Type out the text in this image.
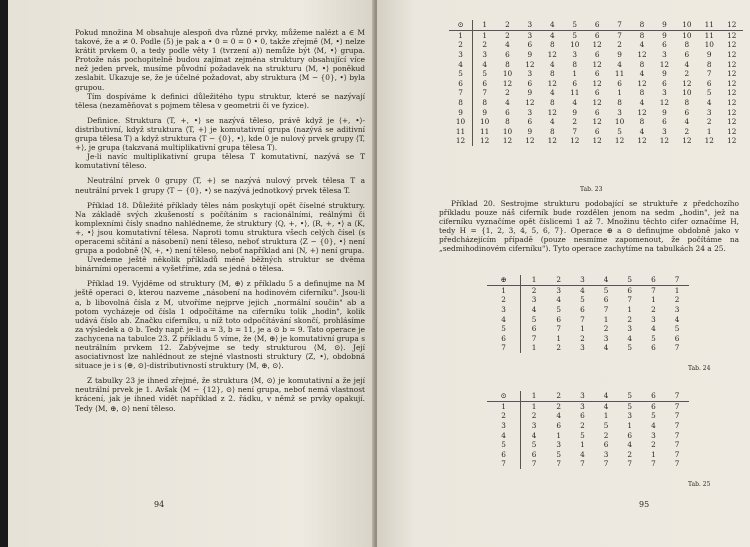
Pokud množina M obsahuje alespoň dva různé prvky, můžeme nalézt a ∈ M takové, že a ≠ 0. Podle (5) je pak a • 0 = 0 = 0 • 0, takže zřejmě ⟨M, •⟩ nelze krátit prvkem 0, a tedy podle věty 1 (tvrzení a)) nemůže být ⟨M, •⟩ grupa. Protože nás pochopitelně budou zajímat zejména struktury obsahující více než jeden prvek, musíme původní požadavek na strukturu ⟨M, •⟩ poněkud zeslabit. Ukazuje se, že je účelné požadovat, aby struktura ⟨M − {0}, •⟩ byla grupou.

Tím dospíváme k definici důležitého typu struktur, které se nazývají tělesa (nezaměňovat s pojmem tělesa v geometrii či ve fyzice).

Definice. Struktura ⟨T, +, •⟩ se nazývá těleso, právě když je ⟨+, •⟩-distributivní, když struktura ⟨T, +⟩ je komutativní grupa (nazývá se aditivní grupa tělesa T) a když struktura ⟨T − {0}, •⟩, kde 0 je nulový prvek grupy ⟨T, +⟩, je grupa (takzvaná multiplikativní grupa tělesa T).

Je-li navíc multiplikativní grupa tělesa T komutativní, nazývá se T komutativní těleso.

Neutrální prvek 0 grupy ⟨T, +⟩ se nazývá nulový prvek tělesa T a neutrální prvek 1 grupy ⟨T − {0}, •⟩ se nazývá jednotkový prvek tělesa T.

Příklad 18. Důležité příklady těles nám poskytují opět číselné struktury. Na základě svých zkušeností s počítáním s racionálními, reálnými či komplexními čísly snadno nahlédneme, že struktury ⟨Q, +, •⟩, ⟨R, +, •⟩ a ⟨K, +, •⟩ jsou komutativní tělesa. Naproti tomu struktura všech celých čísel (s operacemi sčítání a násobení) není těleso, neboť struktura ⟨Z − {0}, •⟩ není grupa a podobně ⟨N, +, •⟩ není těleso, neboť například ani ⟨N, +⟩ není grupa.

Uvedeme ještě několik příkladů méně běžných struktur se dvěma binárními operacemi a vyšetříme, zda se jedná o tělesa.

Příklad 19. Vyjděme od struktury ⟨M, ⊕⟩ z příkladu 5 a definujme na M ještě operaci ⊙, kterou nazveme „násobení na hodinovém ciferníku". Jsou-li a, b libovolná čísla z M, utvoříme nejprve jejich „normální součin" ab a potom vycházeje od čísla 1 odpočítáme na ciferníku tolik „hodin", kolik udává číslo ab. Značku ciferníku, u níž toto odpočítávání skončí, prohlásíme za výsledek a ⊙ b. Tedy např. je-li a = 3, b = 11, je a ⊙ b = 9. Tato operace je zachycena na tabulce 23. Z příkladu 5 víme, že ⟨M, ⊕⟩ je komutativní grupa s neutrálním prvkem 12. Zabývejme se tedy strukturou ⟨M, ⊙⟩. Její asociativnost lze nahlédnout ze stejné vlastnosti struktury ⟨Z, •⟩, obdobná situace je i s ⟨⊕, ⊙⟩-distributivností struktury ⟨M, ⊕, ⊙⟩.

Z tabulky 23 je ihned zřejmé, že struktura ⟨M, ⊙⟩ je komutativní a že její neutrální prvek je 1. Avšak ⟨M − {12}, ⊙⟩ není grupa, neboť nemá vlastnost krácení, jak je ihned vidět například z 2. řádku, v němž se prvky opakují. Tedy ⟨M, ⊕, ⊙⟩ není těleso.

94
⊙	1	2	3	4	5	6	7	8	9	10	11	12
1	1	2	3	4	5	6	7	8	9	10	11	12
2	2	4	6	8	10	12	2	4	6	8	10	12
3	3	6	9	12	3	6	9	12	3	6	9	12
4	4	8	12	4	8	12	4	8	12	4	8	12
5	5	10	3	8	1	6	11	4	9	2	7	12
6	6	12	6	12	6	12	6	12	6	12	6	12
7	7	2	9	4	11	6	1	8	3	10	5	12
8	8	4	12	8	4	12	8	4	12	8	4	12
9	9	6	3	12	9	6	3	12	9	6	3	12
10	10	8	6	4	2	12	10	8	6	4	2	12
11	11	10	9	8	7	6	5	4	3	2	1	12
12	12	12	12	12	12	12	12	12	12	12	12	12
Tab. 23

Příklad 20. Sestrojme strukturu podobající se struktuře z předchozího příkladu pouze náš ciferník bude rozdělen jenom na sedm „hodin", jež na ciferníku vyznačíme opět číslicemi 1 až 7. Množinu těchto cifer označíme H, tedy H = {1, 2, 3, 4, 5, 6, 7}. Operace ⊕ a ⊙ definujme obdobně jako v předcházejícím případě (pouze nesmíme zapomenout, že počítáme na „sedmihodinovém ciferníku"). Tyto operace zachytíme na tabulkách 24 a 25.

⊕	1	2	3	4	5	6	7
1	2	3	4	5	6	7	1
2	3	4	5	6	7	1	2
3	4	5	6	7	1	2	3
4	5	6	7	1	2	3	4
5	6	7	1	2	3	4	5
6	7	1	2	3	4	5	6
7	1	2	3	4	5	6	7
Tab. 24
⊙	1	2	3	4	5	6	7
1	1	2	3	4	5	6	7
2	2	4	6	1	3	5	7
3	3	6	2	5	1	4	7
4	4	1	5	2	6	3	7
5	5	3	1	6	4	2	7
6	6	5	4	3	2	1	7
7	7	7	7	7	7	7	7
Tab. 25
95
